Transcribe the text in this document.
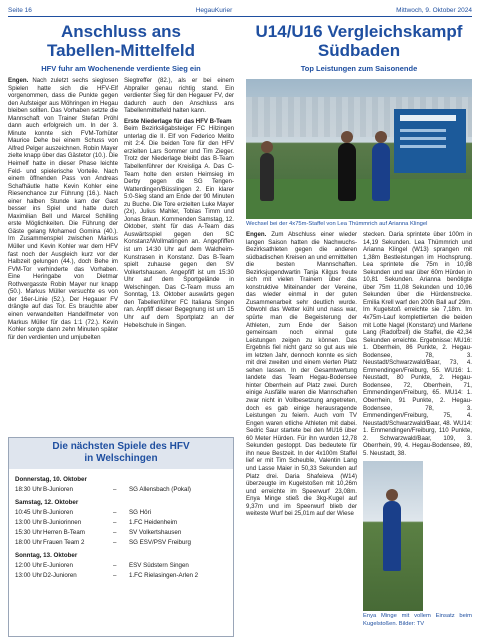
Seite 16	HegauKurier	Mittwoch, 9. Oktober 2024
Anschluss ans
Tabellen-Mittelfeld
HFV fuhr am Wochenende verdiente Sieg ein
Engen. Nach zuletzt sechs sieglosen Spielen hatte sich die HFV-Elf vorgenommen, dass die Punkte gegen den Aufsteiger aus Möhringen im Hegau bleiben sollten. Das Vorhaben setzte die Mannschaft von Trainer Stefan Pröhl dann auch erfolgreich um. In der 3. Minute konnte sich FVM-Torhüter Maurice Dehe bei einem Schuss von Alfred Pelger auszeichnen. Robin Mayer zielte knapp über das Gästetor (10.). Die Heimelf hatte in dieser Phase leichte Feld- und spielerische Vorteile. Nach einem öffnenden Pass von Andreas Schafhäutle hatte Kevin Kohler eine Riesenchance zur Führung (16.). Nach einer halben Stunde kam der Gast besser ins Spiel und hatte durch Maximilian Bell und Marcel Schilling erste Möglichkeiten. Die Führung der Gäste gelang Mohamed Gomina (40.). Im Zusammenspiel zwischen Markus Müller und Kevin Kohler war dem HFV fast noch der Ausgleich kurz vor der Halbzeit gelungen (44.), doch Behe im FVM-Tor verhinderte das Vorhaben. Eine Heringabe von Dietmar Rothvergasste Robin Mayer nur knapp (50.). Markus Müller versuchte es von der 16er-Linie (52.). Der Hegauer FV drängte auf das Tor. Es brauchte aber einen verwandelten Handelfmeter von Markus Müller für das 1:1 (72.). Kevin Kohler sorgte dann zehn Minuten später für den verdienten und umjubelten
Siegtreffer (82.), als er bei einem Abpraller genau richtig stand. Ein verdienter Sieg für den Hegauer FV, der dadurch auch den Anschluss ans Tabellenmittelfeld halten kann.
Erste Niederlage für das HFV B-Team
Beim Bezirksligabsteiger FC Hilzingen unterlag die II. Elf von Federico Melito mit 2:4. Die beiden Tore für den HFV erzielten Lars Sommer und Tim Zieger. Trotz der Niederlage bleibt das B-Team Tabellenführer der Kreisliga A. Das C-Team holte den ersten Heimsieg im Derby gegen die SG Tengen-Watterdingen/Büsslingen 2. Ein klarer 5:0-Sieg stand am Ende der 90 Minuten zu Buche. Die Tore erzielten Luke Mayer (2x), Julius Mahler, Tobias Timm und Jonas Braun. Kommenden Samstag, 12. Oktober, steht für das A-Team das Auswärtsspiel gegen den SC Konstanz/Wollmatingen an. Angepfiffen ist um 14:30 Uhr auf dem Waldheim-Kunstrasen in Konstanz. Das B-Team spielt zuhause gegen den SV Volkertshausen. Angepfiff ist um 15:30 Uhr auf dem Sportgelände in Welschingen. Das C-Team muss am Sonntag, 13. Oktober auswärts gegen den Tabellenführer FC Italiana Singen ran. Anpfiff dieser Begegnung ist um 15 Uhr auf dem Sportplatz an der Hebelschule in Singen.
Die nächsten Spiele des HFV
in Welschingen
Donnerstag, 10. Oktober
18:30 Uhr B-Junioren	–	SG Allensbach (Pokal)
Samstag, 12. Oktober
10:45 Uhr B-Junioren	–	SG Höri
13:00 Uhr B-Juniorinnen	–	1.FC Heidenheim
15:30 Uhr Herren B-Team	–	SV Volkertshausen
18:00 Uhr Frauen Team 2	–	SG ESV/PSV Freiburg
Sonntag, 13. Oktober
12:00 Uhr E-Junioren	–	ESV Südstern Singen
13:00 Uhr D2-Junioren	–	1.FC Rielasingen-Arlen 2
U14/U16 Vergleichskampf
Südbaden
Top Leistungen zum Saisonende
Wechsel bei der 4x75m-Staffel von Lea Thümmrich auf Arianna Klingel
Engen. Zum Abschluss einer wieder langen Saison hatten die Nachwuchs-Bezirksathleten gegen die anderen südbadischen Kreisen an und ermittelten die besten Mannschaften. Bezirksjugendwartin Tanja Kilgus freute sich mit vielen Trainern über das konstruktive Miteinander der Vereine, das wieder einmal in der guten Zusammenarbeit sehr deutlich wurde. Obwohl das Wetter kühl und nass war, spürte man die Begeisterung der Athleten, zum Ende der Saison gemeinsam noch einmal gute Leistungen zeigen zu können. Das Ergebnis fiel nicht ganz so gut aus wie im letzten Jahr, dennoch konnte es sich mit drei zweiten und einem vierten Platz sehen lassen. In der Gesamtwertung landete das Team Hegau-Bodensee hinter Oberrhein auf Platz zwei. Durch einige Ausfälle waren die Mannschaften zwar nicht in Vollbesetzung angetreten, doch es gab einige herausragende Leistungen zu feiern. Auch vom TV Engen waren etliche Athleten mit dabei. Sedric Saur startete bei den MU16 über 60 Meter Hürden. Für ihn wurden 12,78 Sekunden gestoppt. Das bedeutete für ihn neue Bestzeit. In der 4x100m Staffel lief er mit Tim Scheuble, Valentin Lang und Lasse Maier in 50,33 Sekunden auf Platz drei. Daria Shafeieva (W14) überzeugte im Kugelstoßen mit 10,26m und erreichte im Speerwurf 23,08m. Enya Minge stieß die 3kg-Kugel auf 9,37m und im Speerwurf blieb der weiteste Wurf bei 25,01m auf der Wiese
stecken. Daria sprintete über 100m in 14,19 Sekunden. Lea Thümmrich und Arianna Klingel (W13) sprangen mit 1,38m Bestleistungen im Hochsprung. Lea sprintete die 75m in 10,98 Sekunden und war über 60m Hürden in 10,81 Sekunden. Arianna benötigte über 75m 11,08 Sekunden und 10,96 Sekunden über die Hürdenstrecke. Emilia Krell warf den 200h Ball auf 29m. Im Kugelstoß erreichte sie 7,18m. Im 4x75m-Lauf komplettierten die beiden mit Lotte Nagel (Konstanz) und Marlene Lang (Radolfzell) die Staffel, die 42,34 Sekunden erreichte. Ergebnisse: MU16: 1. Oberrhein, 86 Punkte, 2. Hegau-Bodensee, 78, 3. Neustadt/Schwarzwald/Baar, 73, 4. Emmendingen/Freiburg, 55. WU16: 1. Neustadt, 80 Punkte, 2. Hegau-Bodensee, 72, Oberrhein, 71, Emmendingen/Freiburg, 65. MU14: 1. Oberrhein, 91 Punkte, 2. Hegau-Bodensee, 78, 3. Emmendingen/Freiburg, 75, 4. Neustadt/Schwarzwald/Baar, 48. WU14: 1. Emmendingen/Freiburg, 110 Punkte, 2. Schwarzwald/Baar, 109, 3. Oberrhein, 99, 4. Hegau-Bodensee, 89, 5. Neustadt, 38.
Enya Minge mit vollem Einsatz beim Kugelstoßen. Bilder: TV
